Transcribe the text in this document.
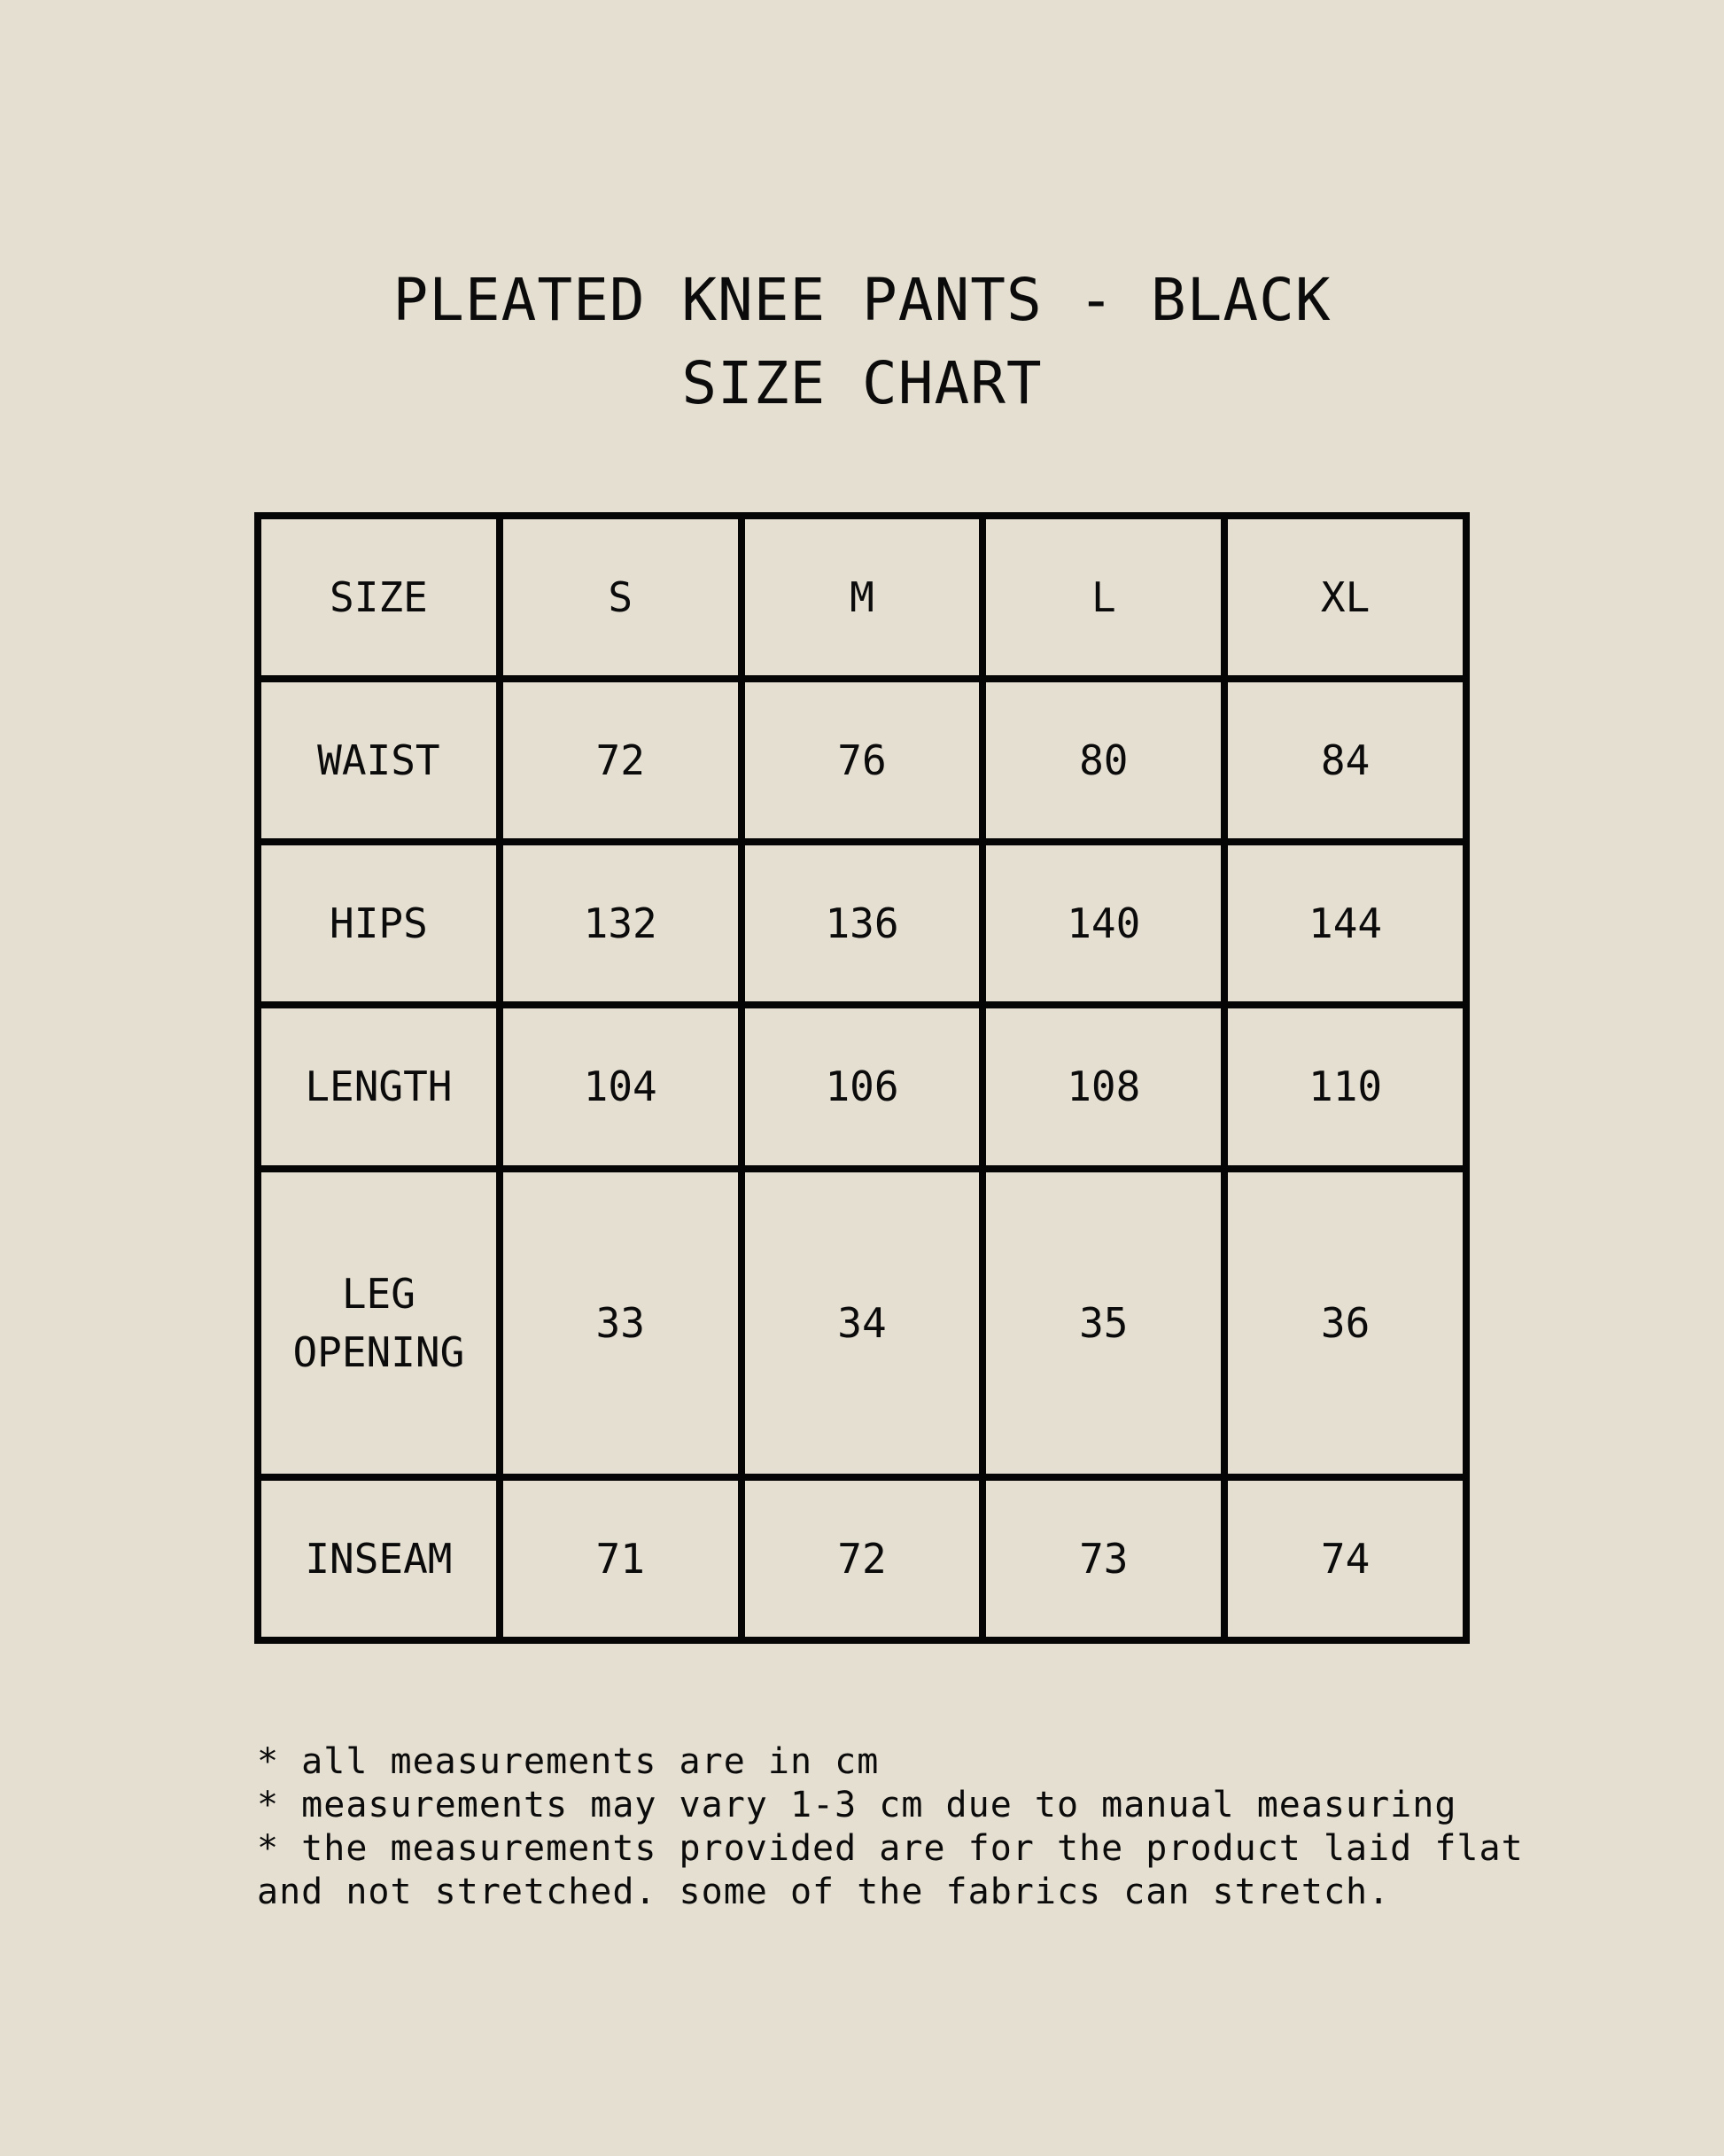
PLEATED KNEE PANTS - BLACK
SIZE CHART
SIZE	S	M	L	XL
WAIST	72	76	80	84
HIPS	132	136	140	144
LENGTH	104	106	108	110
LEG
OPENING	33	34	35	36
INSEAM	71	72	73	74
* all measurements are in cm
* measurements may vary 1-3 cm due to manual measuring
* the measurements provided are for the product laid flat
and not stretched. some of the fabrics can stretch.
